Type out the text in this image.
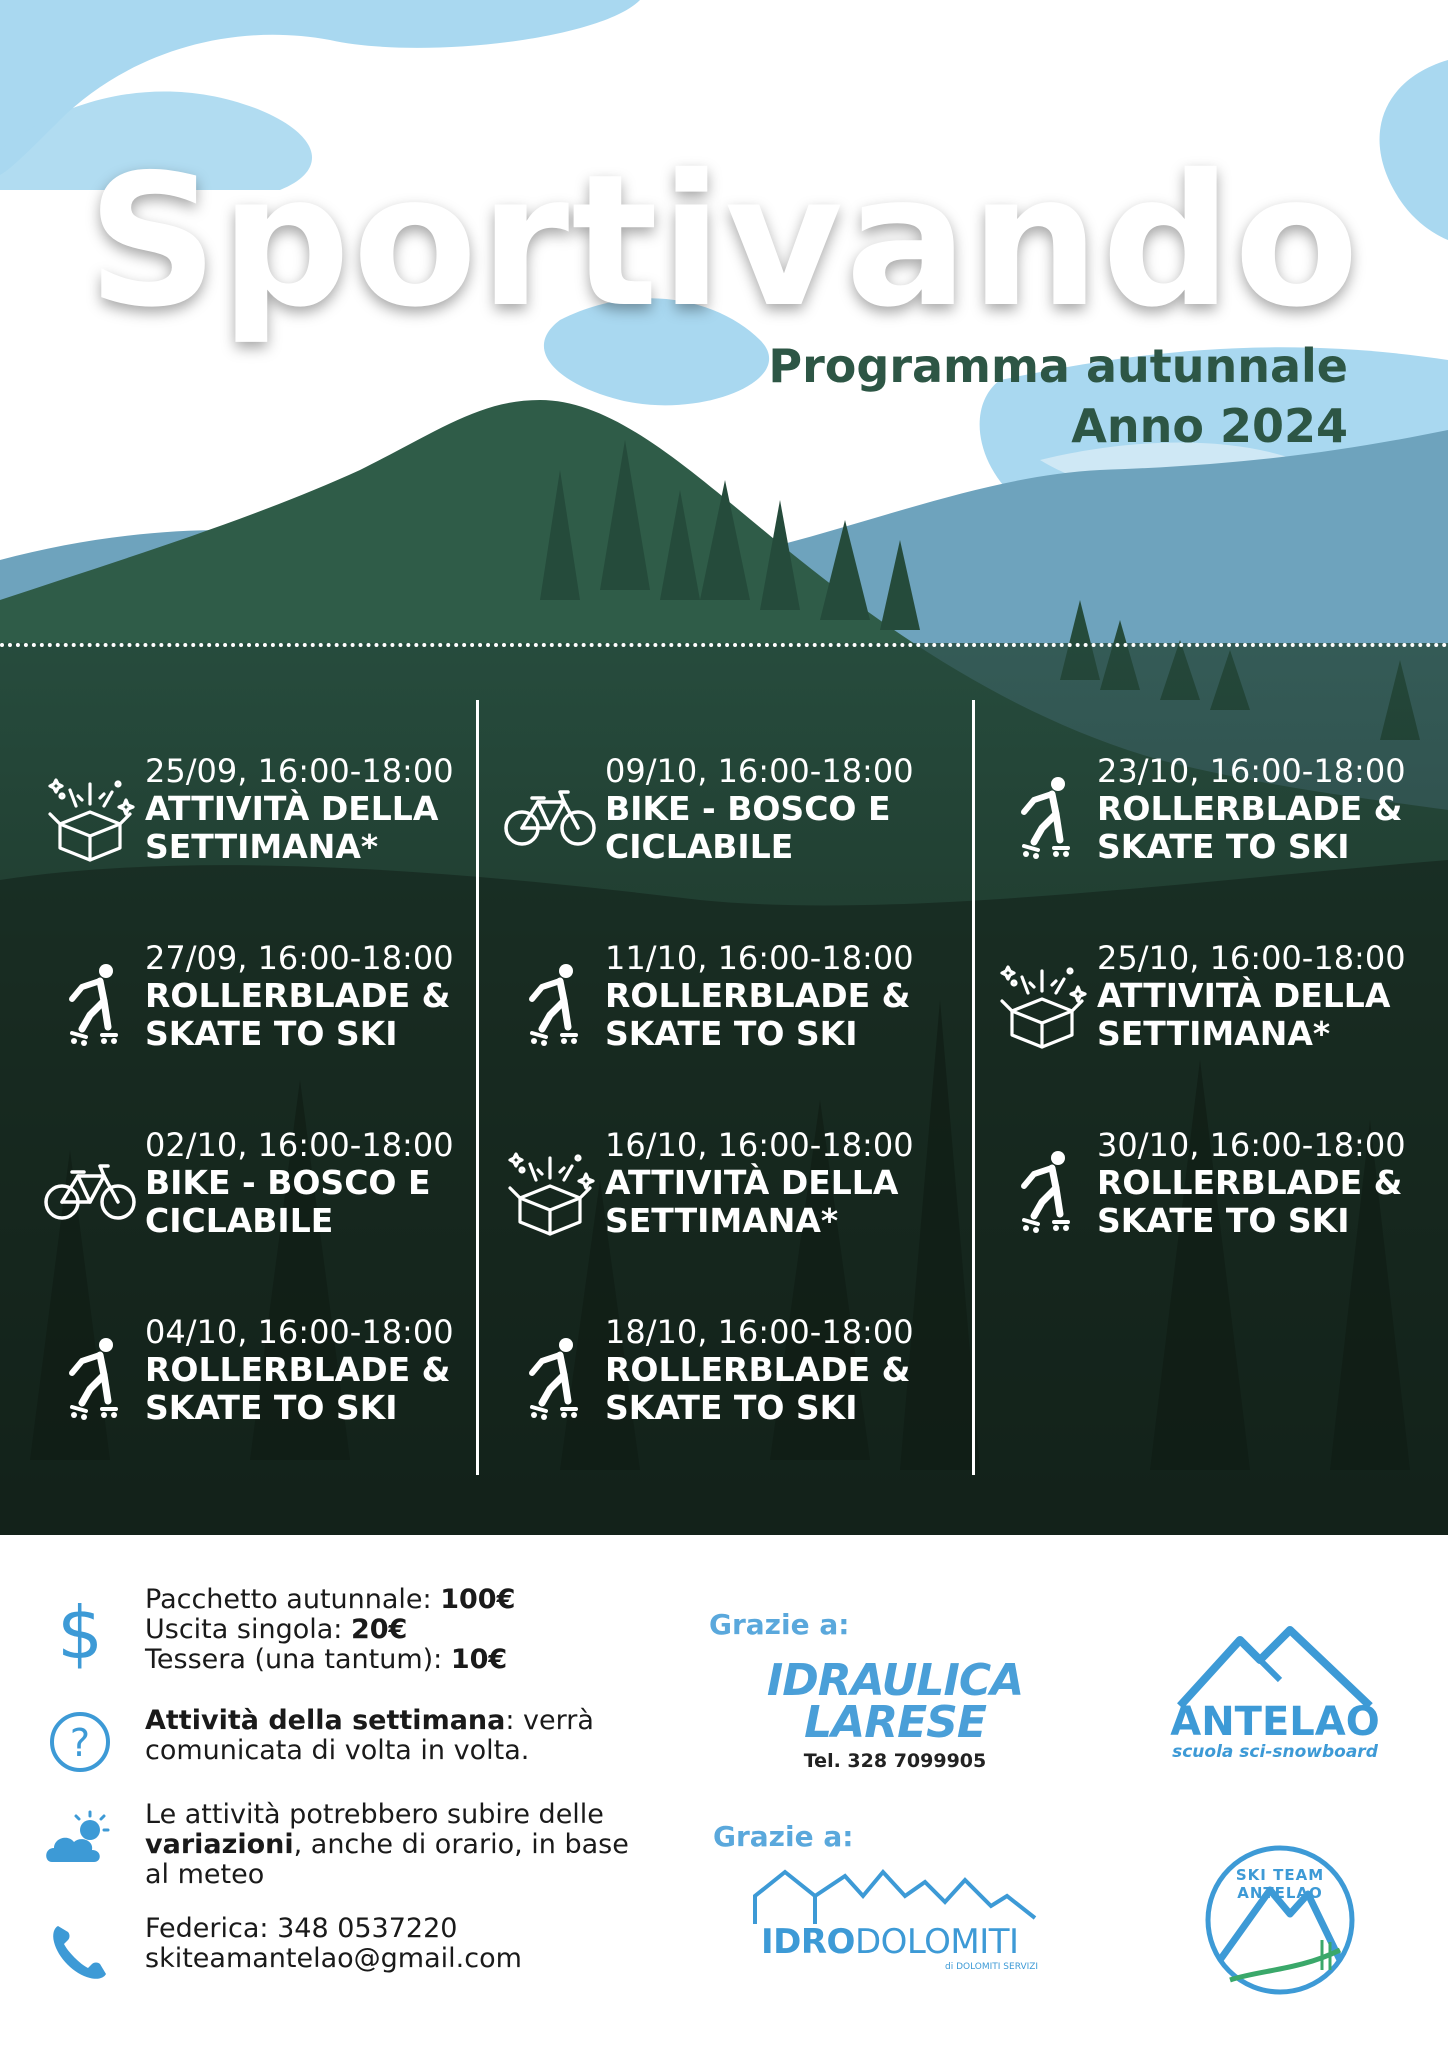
Sportivando
Programma autunnale
Anno 2024
25/09, 16:00-18:00
ATTIVITÀ DELLA
SETTIMANA*
27/09, 16:00-18:00
ROLLERBLADE &
SKATE TO SKI
02/10, 16:00-18:00
BIKE - BOSCO E
CICLABILE
04/10, 16:00-18:00
ROLLERBLADE &
SKATE TO SKI
09/10, 16:00-18:00
BIKE - BOSCO E
CICLABILE
11/10, 16:00-18:00
ROLLERBLADE &
SKATE TO SKI
16/10, 16:00-18:00
ATTIVITÀ DELLA
SETTIMANA*
18/10, 16:00-18:00
ROLLERBLADE &
SKATE TO SKI
23/10, 16:00-18:00
ROLLERBLADE &
SKATE TO SKI
25/10, 16:00-18:00
ATTIVITÀ DELLA
SETTIMANA*
30/10, 16:00-18:00
ROLLERBLADE &
SKATE TO SKI
$ Pacchetto autunnale: 100€
Uscita singola: 20€
Tessera (una tantum): 10€
?
Attività della settimana: verrà
comunicata di volta in volta.
Le attività potrebbero subire delle
variazioni, anche di orario, in base
al meteo
Federica: 348 0537220
skiteamantelao@gmail.com
Grazie a:
Grazie a:
IDRAULICA
LARESE
Tel. 328 7099905
IDRODOLOMITI
di DOLOMITI SERVIZI
ANTELAO
scuola sci-snowboard
SKI TEAM ANTELAO
